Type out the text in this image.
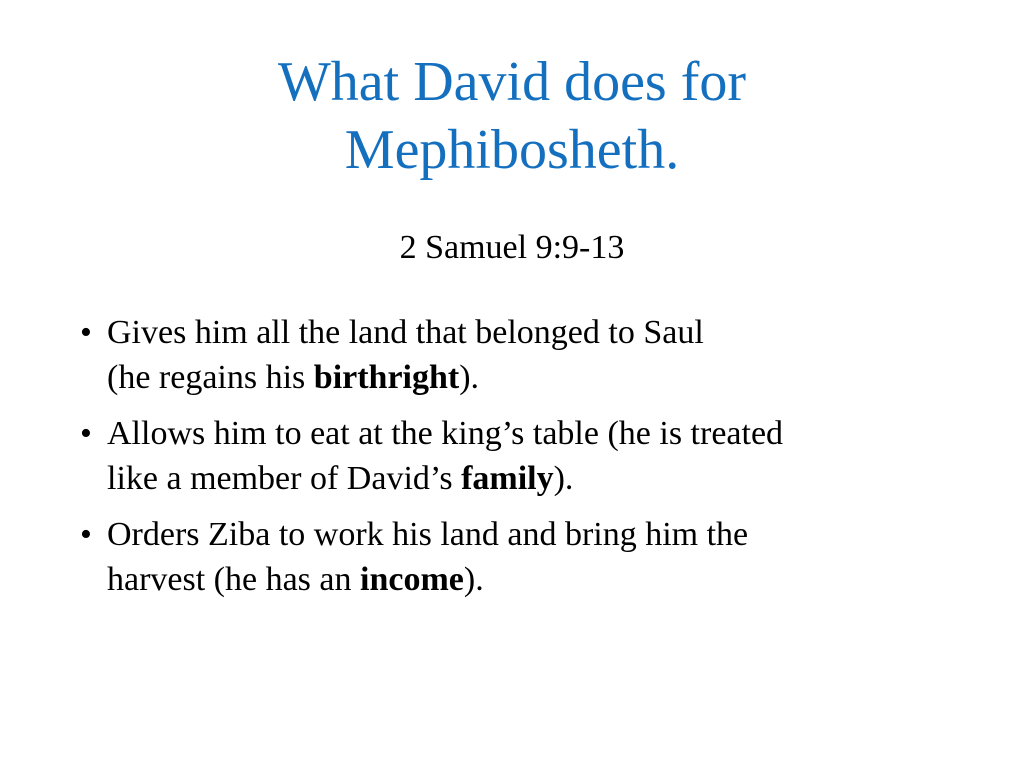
What David does for
Mephibosheth.

2 Samuel 9:9-13

• Gives him all the land that belonged to Saul
(he regains his birthright).
• Allows him to eat at the king’s table (he is treated
like a member of David’s family).
• Orders Ziba to work his land and bring him the
harvest (he has an income).
